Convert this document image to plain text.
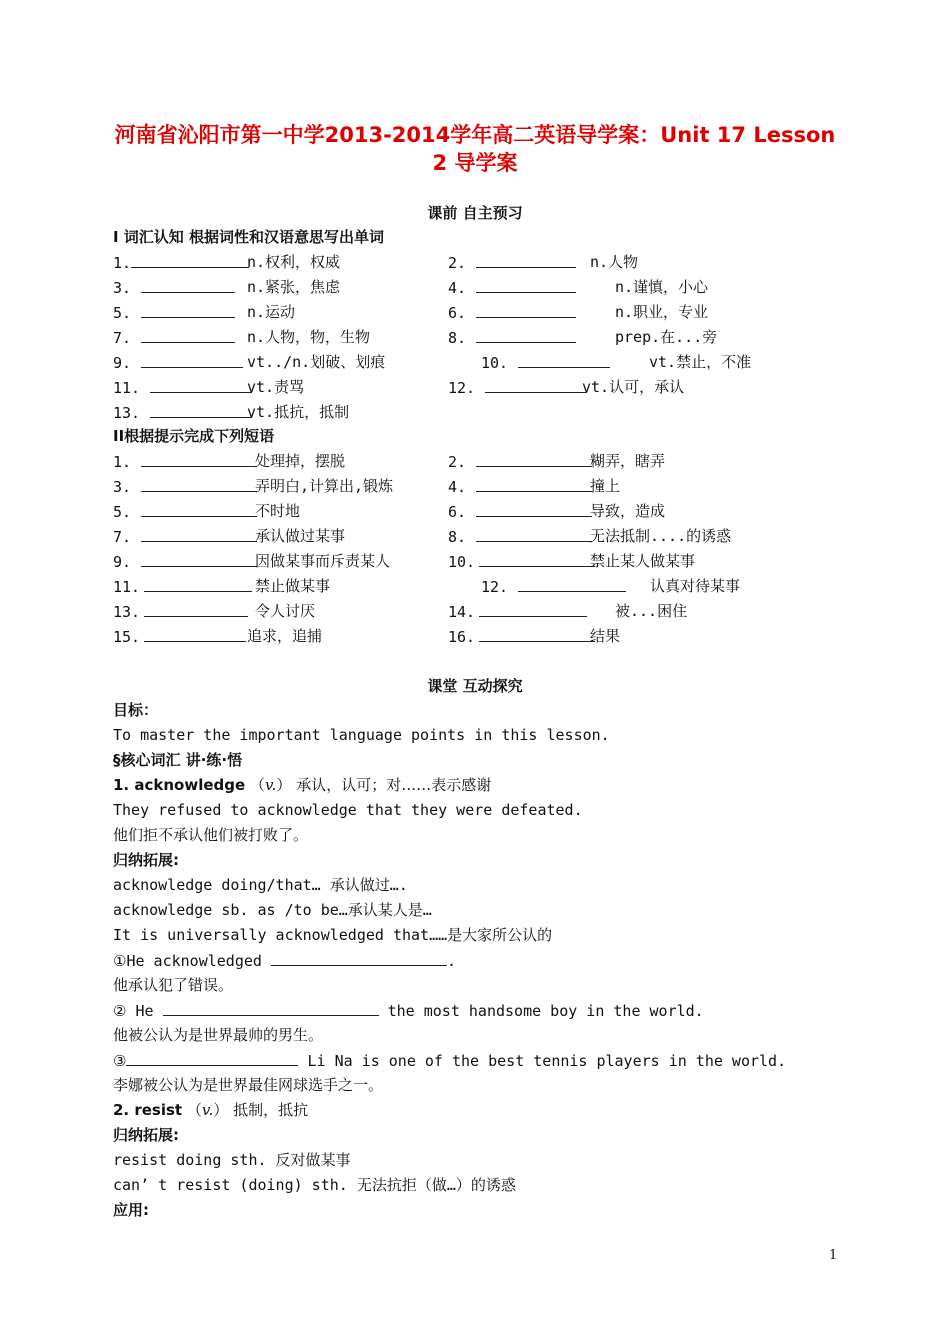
河南省沁阳市第一中学2013-2014学年高二英语导学案：Unit 17 Lesson
2 导学案
课前 自主预习
I 词汇认知 根据词性和汉语意思写出单词
1.	n.权利，权威	2.	n.人物
3.	n.紧张，焦虑	4.	n.谨慎，小心
5.	n.运动	6.	n.职业，专业
7.	n.人物，物，生物	8.	prep.在...旁
9.	vt../n.划破、划痕	10.	vt.禁止，不准
11.	vt.责骂	12.	vt.认可，承认
13.	vt.抵抗，抵制
II根据提示完成下列短语
1.	处理掉，摆脱	2.	糊弄，瞎弄
3.	弄明白,计算出,锻炼	4.	撞上
5.	不时地	6.	导致，造成
7.	承认做过某事	8.	无法抵制....的诱惑
9.	因做某事而斥责某人	10.	禁止某人做某事
11.	禁止做某事	12.	认真对待某事
13.	令人讨厌	14.	被...困住
15.	追求，追捕	16.	结果
课堂 互动探究
目标：
To master the important language points in this lesson.
§核心词汇 讲·练·悟
1. acknowledge （v.） 承认，认可；对……表示感谢
They refused to acknowledge that they were defeated.
他们拒不承认他们被打败了。
归纳拓展:
acknowledge doing/that… 承认做过….
acknowledge sb. as /to be…承认某人是…
It is universally acknowledged that……是大家所公认的
①He acknowledged	.
他承认犯了错误。
② He	the most handsome boy in the world.
他被公认为是世界最帅的男生。
③	Li Na is one of the best tennis players in the world.
李娜被公认为是世界最佳网球选手之一。
2. resist （v.） 抵制，抵抗
归纳拓展:
resist doing sth. 反对做某事
can’ t resist (doing) sth. 无法抗拒（做…）的诱惑
应用:
1
